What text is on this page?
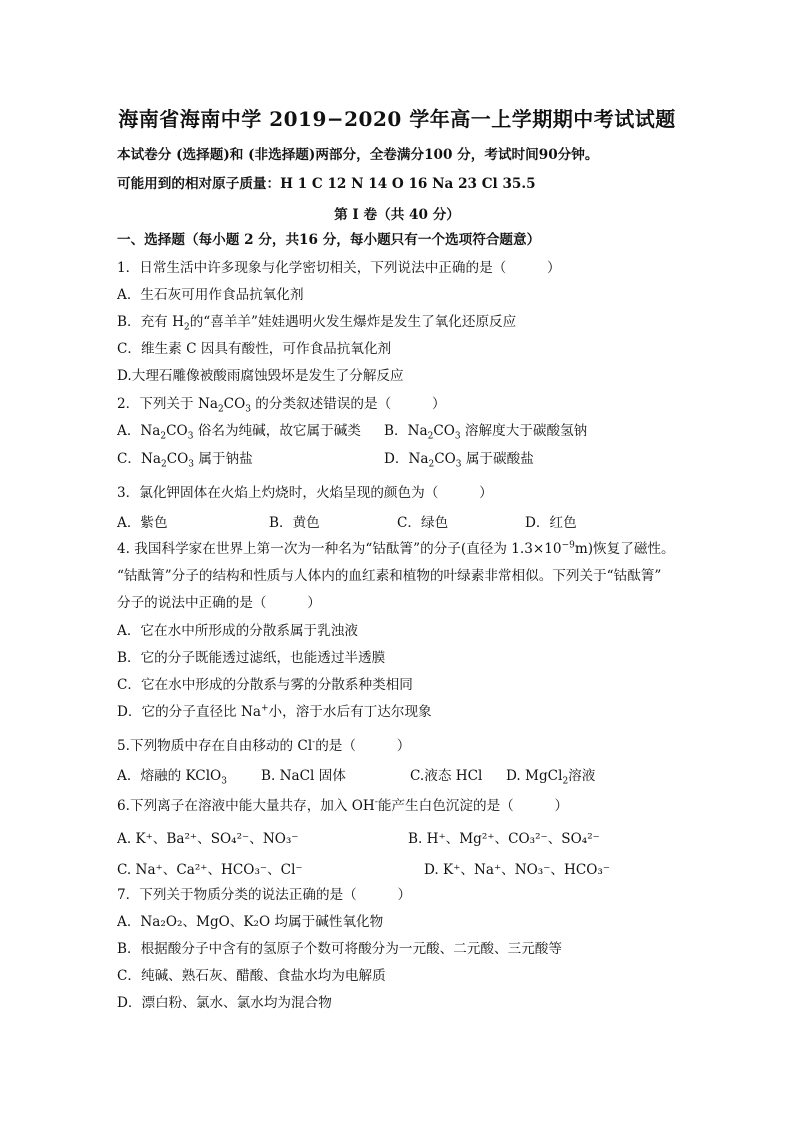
海南省海南中学 2019−2020 学年高一上学期期中考试试题
本试卷分 (选择题)和 (非选择题)两部分，全卷满分100 分，考试时间90分钟。
可能用到的相对原子质量：H 1 C 12 N 14 O 16 Na 23 Cl 35.5
第 I 卷（共 40 分）
一、选择题（每小题 2 分，共16 分，每小题只有一个选项符合题意）
1．日常生活中许多现象与化学密切相关，下列说法中正确的是（　　　）
A．生石灰可用作食品抗氧化剂
B．充有 $H_2$的“喜羊羊”娃娃遇明火发生爆炸是发生了氧化还原反应
C．维生素 C 因具有酸性，可作食品抗氧化剂
D.大理石雕像被酸雨腐蚀毁坏是发生了分解反应
2．下列关于 $Na_2CO_3$ 的分类叙述错误的是（　　　）
A．$Na_2CO_3$ 俗名为纯碱，故它属于碱类 B．$Na_2CO_3$ 溶解度大于碳酸氢钠
C．$Na_2CO_3$ 属于钠盐	D．$Na_2CO_3$ 属于碳酸盐
3．氯化钾固体在火焰上灼烧时，火焰呈现的颜色为（　　　）
A．紫色	B．黄色	C．绿色	D．红色
4. 我国科学家在世界上第一次为一种名为“钴酞箐”的分子(直径为 $1.3\times 10^{-9}m$)恢复了磁性。
“钴酞箐”分子的结构和性质与人体内的血红素和植物的叶绿素非常相似。下列关于“钴酞箐”
分子的说法中正确的是（　　　）
A．它在水中所形成的分散系属于乳浊液
B．它的分子既能透过滤纸，也能透过半透膜
C．它在水中形成的分散系与雾的分散系种类相同
D．它的分子直径比 Na+小，溶于水后有丁达尔现象
5.下列物质中存在自由移动的 Cl-的是（　　　）
A．熔融的 KClO$_3$	B. NaCl 固体	C.液态 HCl D. MgCl$_2$溶液
6.下列离子在溶液中能大量共存，加入 OH-能产生白色沉淀的是（　　　）
A. K⁺、Ba²⁺、SO₄²⁻、NO₃⁻	B. H⁺、Mg²⁺、CO₃²⁻、SO₄²⁻
C. Na⁺、Ca²⁺、HCO₃⁻、Cl⁻	D. K⁺、Na⁺、NO₃⁻、HCO₃⁻
7．下列关于物质分类的说法正确的是（　　　）
A．Na₂O₂、MgO、K₂O 均属于碱性氧化物
B．根据酸分子中含有的氢原子个数可将酸分为一元酸、二元酸、三元酸等
C．纯碱、熟石灰、醋酸、食盐水均为电解质
D．漂白粉、氯水、氯水均为混合物
